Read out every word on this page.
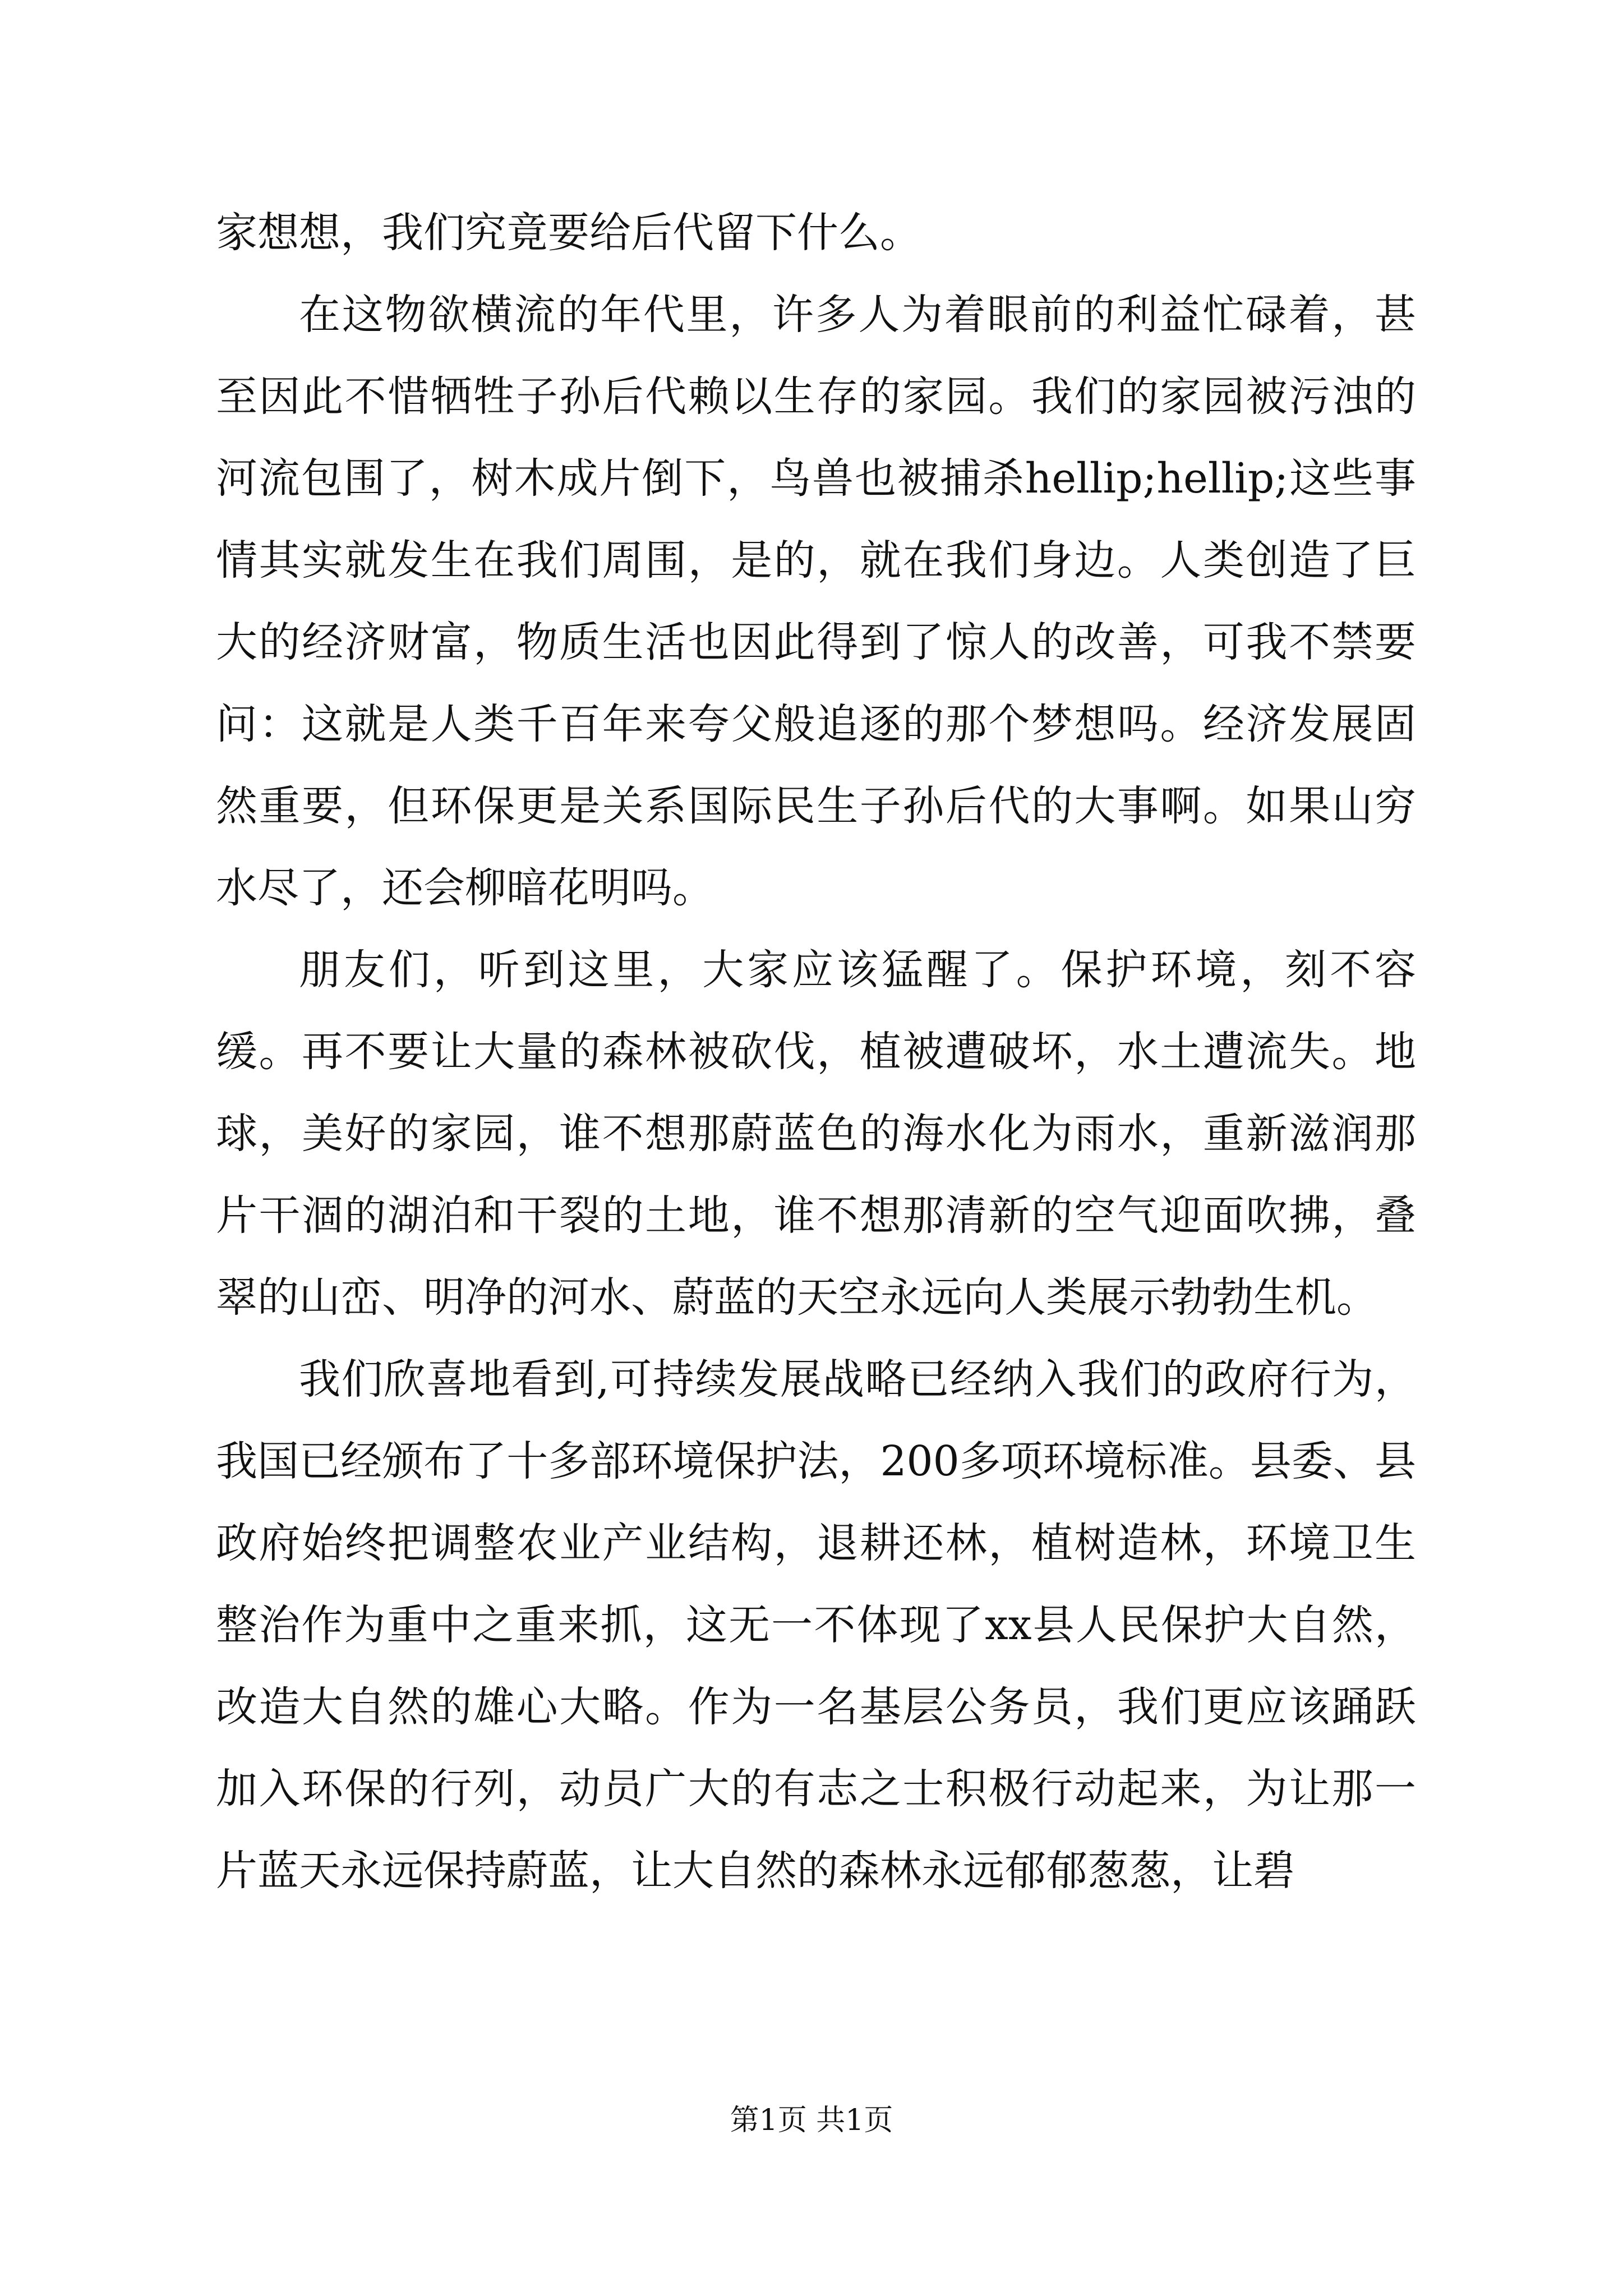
家想想，我们究竟要给后代留下什么。

在这物欲横流的年代里，许多人为着眼前的利益忙碌着，甚至因此不惜牺牲子孙后代赖以生存的家园。我们的家园被污浊的河流包围了，树木成片倒下，鸟兽也被捕杀hellip;hellip;这些事情其实就发生在我们周围，是的，就在我们身边。人类创造了巨大的经济财富，物质生活也因此得到了惊人的改善，可我不禁要问：这就是人类千百年来夸父般追逐的那个梦想吗。经济发展固然重要，但环保更是关系国际民生子孙后代的大事啊。如果山穷水尽了，还会柳暗花明吗。

朋友们，听到这里，大家应该猛醒了。保护环境，刻不容缓。再不要让大量的森林被砍伐，植被遭破坏，水土遭流失。地球，美好的家园，谁不想那蔚蓝色的海水化为雨水，重新滋润那片干涸的湖泊和干裂的土地，谁不想那清新的空气迎面吹拂，叠翠的山峦、明净的河水、蔚蓝的天空永远向人类展示勃勃生机。

我们欣喜地看到,可持续发展战略已经纳入我们的政府行为，我国已经颁布了十多部环境保护法，200多项环境标准。县委、县政府始终把调整农业产业结构，退耕还林，植树造林，环境卫生整治作为重中之重来抓，这无一不体现了xx县人民保护大自然，改造大自然的雄心大略。作为一名基层公务员，我们更应该踊跃加入环保的行列，动员广大的有志之士积极行动起来，为让那一片蓝天永远保持蔚蓝，让大自然的森林永远郁郁葱葱，让碧

第1页 共1页
